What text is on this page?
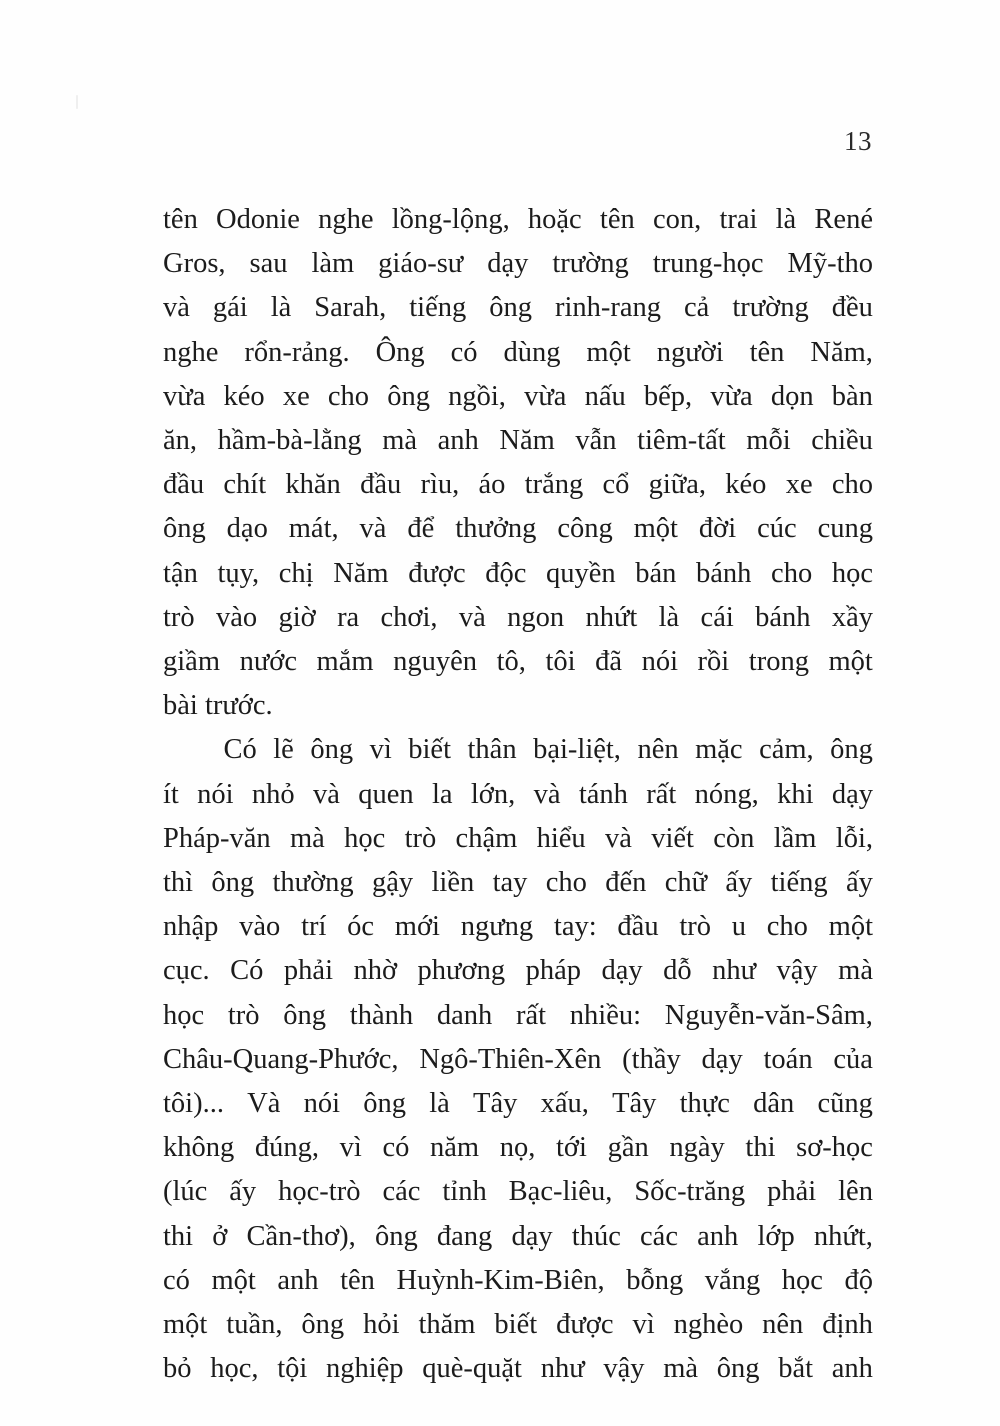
13

tên Odonie nghe lồng-lộng, hoặc tên con, trai là René
Gros, sau làm giáo-sư dạy trường trung-học Mỹ-tho
và gái là Sarah, tiếng ông rinh-rang cả trường đều
nghe rổn-rảng. Ông có dùng một người tên Năm,
vừa kéo xe cho ông ngồi, vừa nấu bếp, vừa dọn bàn
ăn, hầm-bà-lằng mà anh Năm vẫn tiêm-tất mỗi chiều
đầu chít khăn đầu rìu, áo trắng cổ giữa, kéo xe cho
ông dạo mát, và để thưởng công một đời cúc cung
tận tụy, chị Năm được độc quyền bán bánh cho học
trò vào giờ ra chơi, và ngon nhứt là cái bánh xầy
giầm nước mắm nguyên tô, tôi đã nói rồi trong một
bài trước.

Có lẽ ông vì biết thân bại-liệt, nên mặc cảm, ông
ít nói nhỏ và quen la lớn, và tánh rất nóng, khi dạy
Pháp-văn mà học trò chậm hiểu và viết còn lầm lỗi,
thì ông thường gậy liền tay cho đến chữ ấy tiếng ấy
nhập vào trí óc mới ngưng tay: đầu trò u cho một
cục. Có phải nhờ phương pháp dạy dỗ như vậy mà
học trò ông thành danh rất nhiều: Nguyễn-văn-Sâm,
Châu-Quang-Phước, Ngô-Thiên-Xên (thầy dạy toán của
tôi)... Và nói ông là Tây xấu, Tây thực dân cũng
không đúng, vì có năm nọ, tới gần ngày thi sơ-học
(lúc ấy học-trò các tỉnh Bạc-liêu, Sốc-trăng phải lên
thi ở Cần-thơ), ông đang dạy thúc các anh lớp nhứt,
có một anh tên Huỳnh-Kim-Biên, bỗng vắng học độ
một tuần, ông hỏi thăm biết được vì nghèo nên định
bỏ học, tội nghiệp què-quặt như vậy mà ông bắt anh
